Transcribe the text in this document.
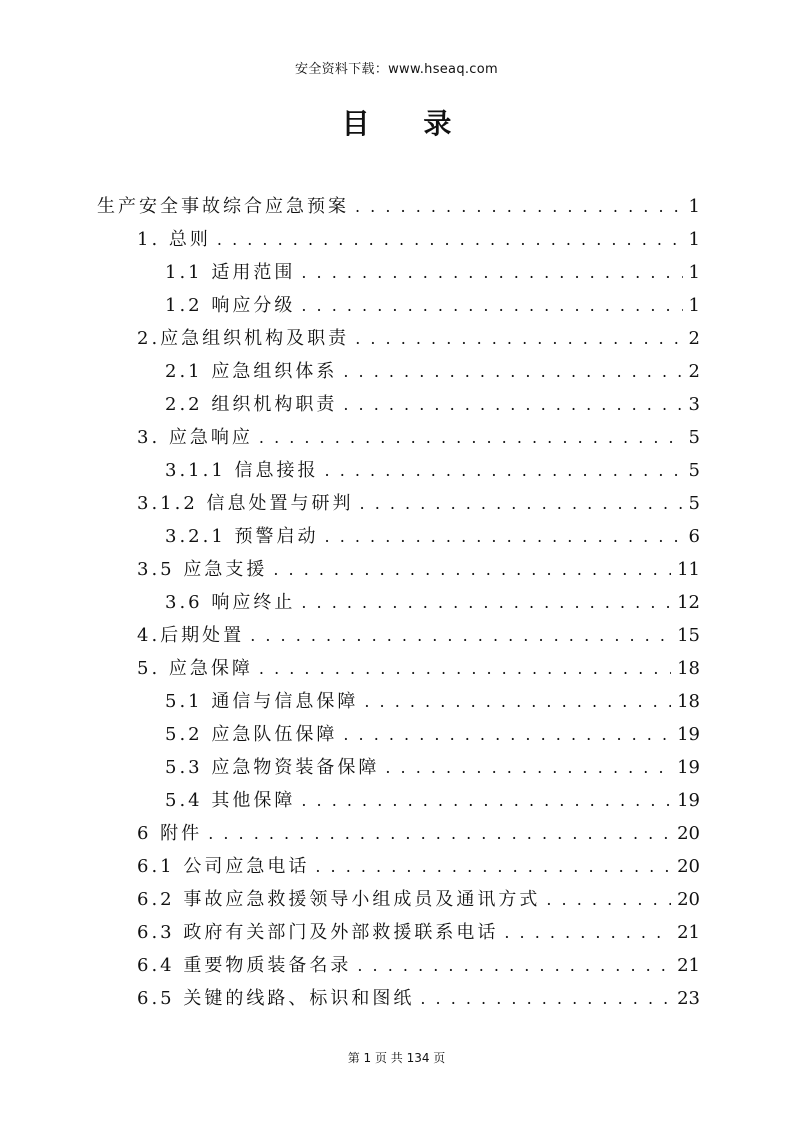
安全资料下载：www.hseaq.com
目 录
生产安全事故综合应急预案 . . .	1
1. 总则 . . .	1
1.1 适用范围 . . .	1
1.2 响应分级 . . .	1
2.应急组织机构及职责 . . .	2
2.1 应急组织体系 . . .	2
2.2 组织机构职责 . . .	3
3. 应急响应 . . .	5
3.1.1 信息接报 . . .	5
3.1.2 信息处置与研判 . . .	5
3.2.1 预警启动 . . .	6
3.5 应急支援 . . .	11
3.6 响应终止 . . .	12
4.后期处置 . . .	15
5. 应急保障 . . .	18
5.1 通信与信息保障 . . .	18
5.2 应急队伍保障 . . .	19
5.3 应急物资装备保障 . . .	19
5.4 其他保障 . . .	19
6 附件 . . .	20
6.1 公司应急电话 . . .	20
6.2 事故应急救援领导小组成员及通讯方式 . . .	20
6.3 政府有关部门及外部救援联系电话 . . .	21
6.4 重要物质装备名录 . . .	21
6.5 关键的线路、标识和图纸 . . .	23
第 1 页 共 134 页
